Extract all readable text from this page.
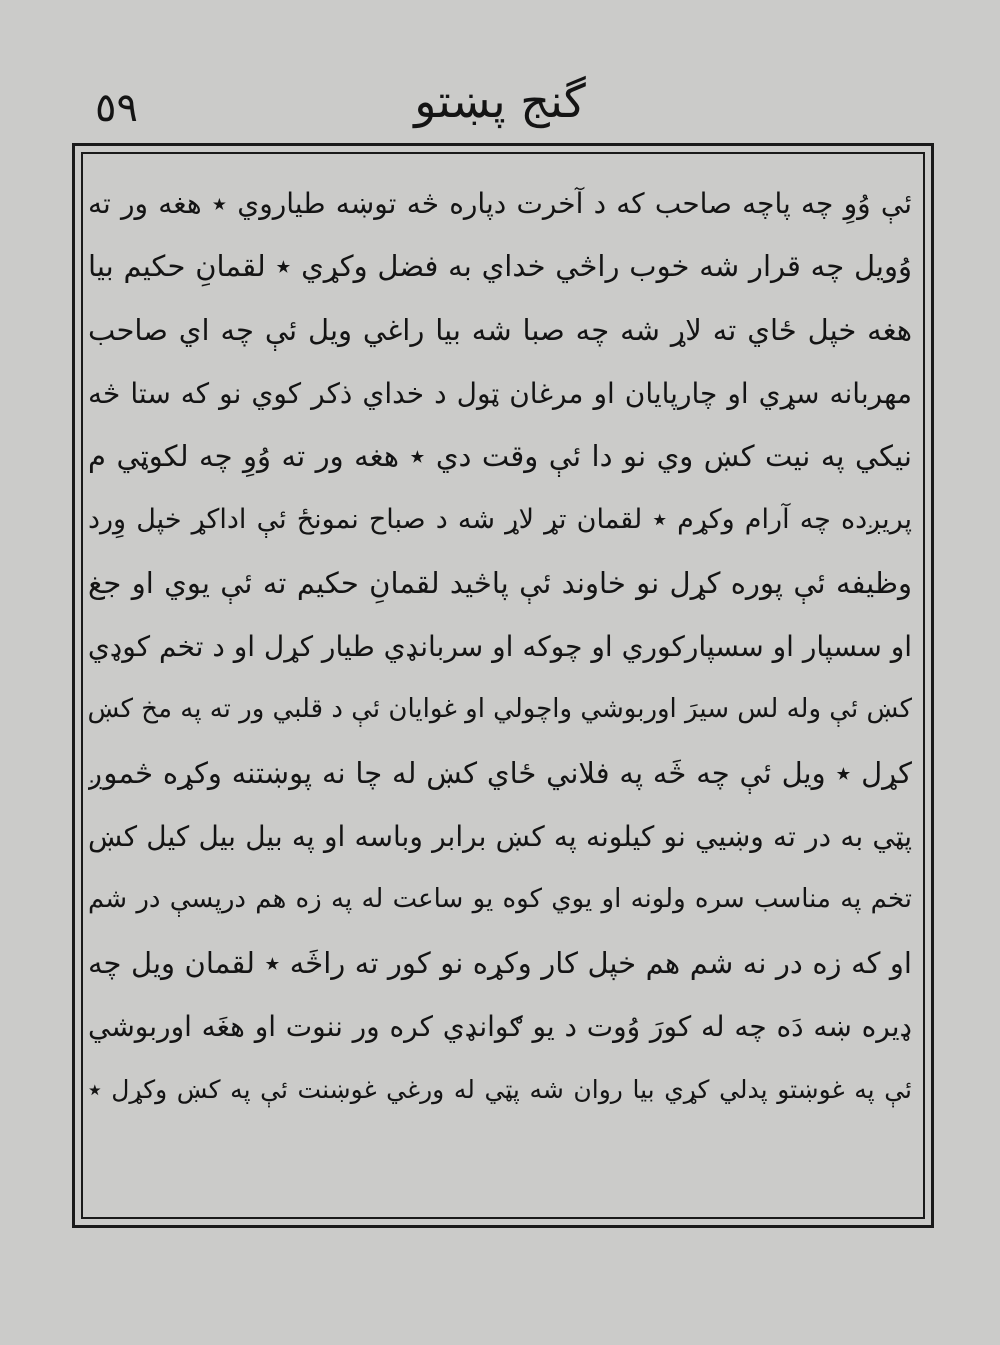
٥٩	گنج پښتو
ئې وُوِ چه پاچه صاحب که د آخرت دپاره څه توښه طیاروي ٭ هغه ور ته
وُویل چه قرار شه خوب راڅي خداي به فضل وکړي ٭ لقمانِ حکیم بیا
هغه خپل ځاي ته لاړ شه چه صبا شه بیا راغي ویل ئې چه اي صاحب
مهربانه سړي او چارپایان او مرغان ټول د خداي ذکر کوي نو که ستا څه
نیکي په نیت کښ وي نو دا ئې وقت دي ٭ هغه ور ته وُوِ چه لکوټي م
پریږده چه آرام وکړم ٭ لقمان تړ لاړ شه د صباح نمونځ ئې اداکړ خپل وِرد
وظیفه ئې پوره کړل نو خاوند ئې پاڅید لقمانِ حکیم ته ئې یوي او جغ
او سسپار او سسپارکوري او چوکه او سربانډي طیار کړل او د تخم کوډي
کښ ئې وله لس سیرَ اوربوشي واچولي او غوایان ئې د قلبي ور ته په مخ کښ
کړل ٭ ویل ئې چه څَه په فلاني ځاي کښ له چا نه پوښتنه وکړه څموږ
پټي به در ته وښیي نو کیلونه په کښ برابر وباسه او په بیل بیل کیل کښ
تخم په مناسب سره ولونه او یوي کوه یو ساعت له په زه هم درپسې در شم
او که زه در نه شم هم خپل کار وکړه نو کور ته راڅَه ٭ لقمان ویل چه
ډیره ښه دَه چه له کورَ وُوت د یو ګوانډي کره ور ننوت او هغَه اوربوشي
ئې په غوښتو پدلي کړي بیا روان شه پټي له ورغي غوښنت ئې په کښ وکړل ٭
